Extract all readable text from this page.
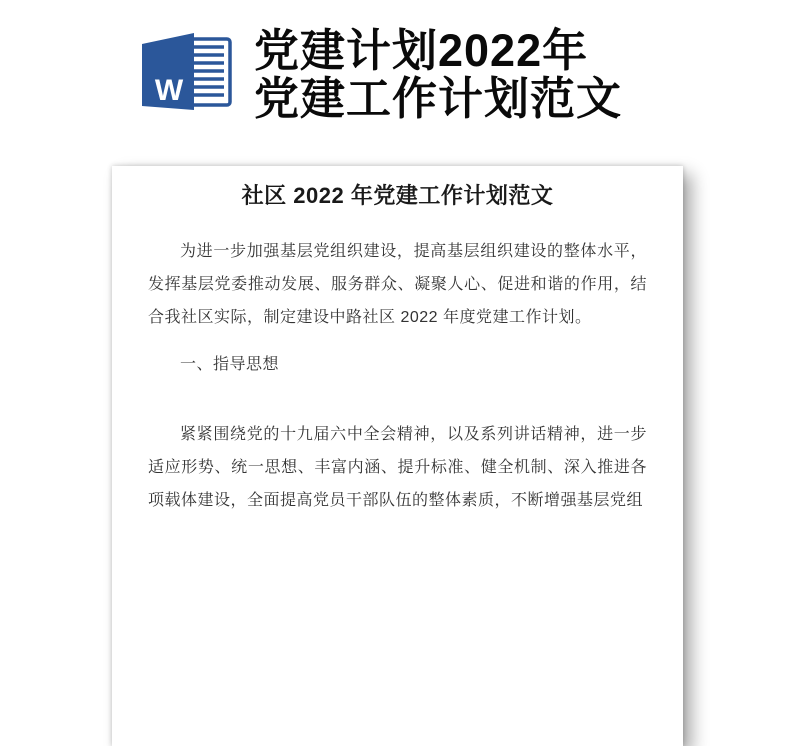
W
党建计划2022年
党建工作计划范文
社区 2022 年党建工作计划范文
为进一步加强基层党组织建设，提高基层组织建设的整体水平，发挥基层党委推动发展、服务群众、凝聚人心、促进和谐的作用，结合我社区实际，制定建设中路社区 2022 年度党建工作计划。
一、指导思想
紧紧围绕党的十九届六中全会精神，以及系列讲话精神，进一步适应形势、统一思想、丰富内涵、提升标准、健全机制、深入推进各项载体建设，全面提高党员干部队伍的整体素质，不断增强基层党组
